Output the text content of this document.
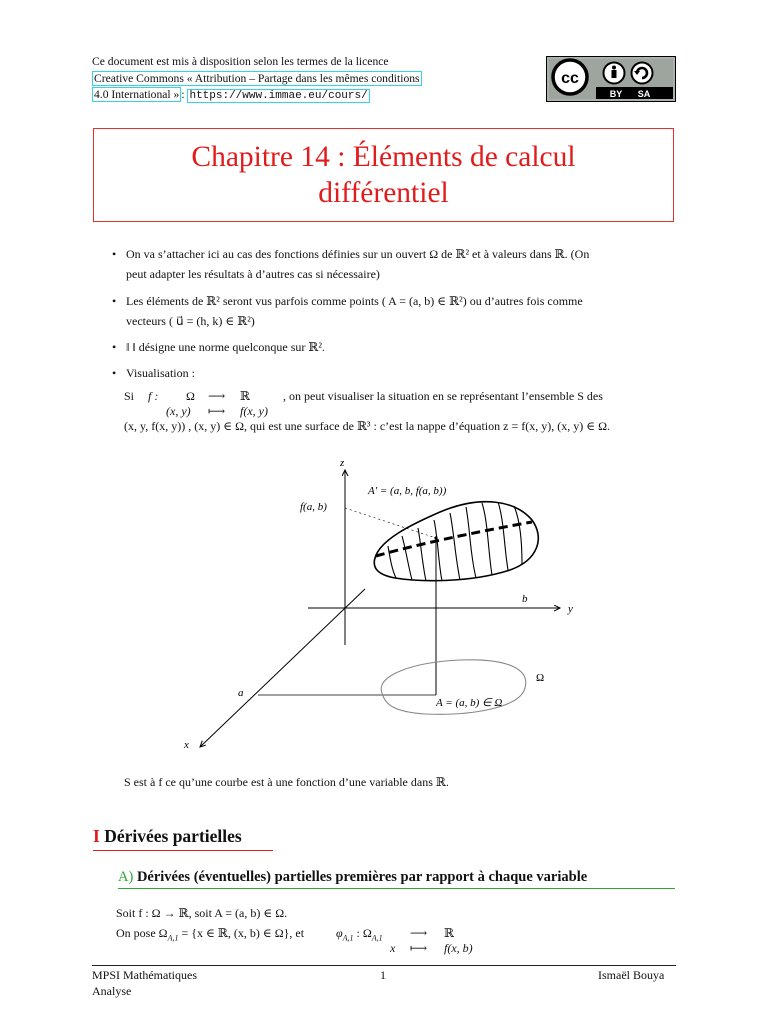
Ce document est mis à disposition selon les termes de la licence
Creative Commons « Attribution – Partage dans les mêmes conditions
4.0 International » : https://www.immae.eu/cours/
cc
BY SA
Chapitre 14 : Éléments de calcul
différentiel
• On va s’attacher ici au cas des fonctions définies sur un ouvert Ω de ℝ² et à valeurs dans ℝ. (On
peut adapter les résultats à d’autres cas si nécessaire)
• Les éléments de ℝ² seront vus parfois comme points ( A = (a, b) ∈ ℝ²) ou d’autres fois comme
vecteurs ( u⃗ = (h, k) ∈ ℝ²)
• ‖ ‖ désigne une norme quelconque sur ℝ².
• Visualisation :
Si f : Ω ⟶ ℝ	, on peut visualiser la situation en se représentant l’ensemble S des
(x, y) ⟼ f(x, y)
(x, y, f(x, y)) , (x, y) ∈ Ω, qui est une surface de ℝ³ : c’est la nappe d’équation z = f(x, y), (x, y) ∈ Ω.
z
y
x
a
b
f(a, b)
A′ = (a, b, f(a, b))
Ω
A = (a, b) ∈ Ω
S est à f ce qu’une courbe est à une fonction d’une variable dans ℝ.
I Dérivées partielles
A) Dérivées (éventuelles) partielles premières par rapport à chaque variable
Soit f : Ω → ℝ, soit A = (a, b) ∈ Ω.
On pose $\Omega_{A,1} = \{x$ ∈ ℝ, (x, b) ∈ Ω}, et	$\varphi_{A,1}$ : $\Omega_{A,1}$ ⟶ ℝ
x ⟼ f(x, b)
MPSI Mathématiques
Analyse
1	Ismaël Bouya
